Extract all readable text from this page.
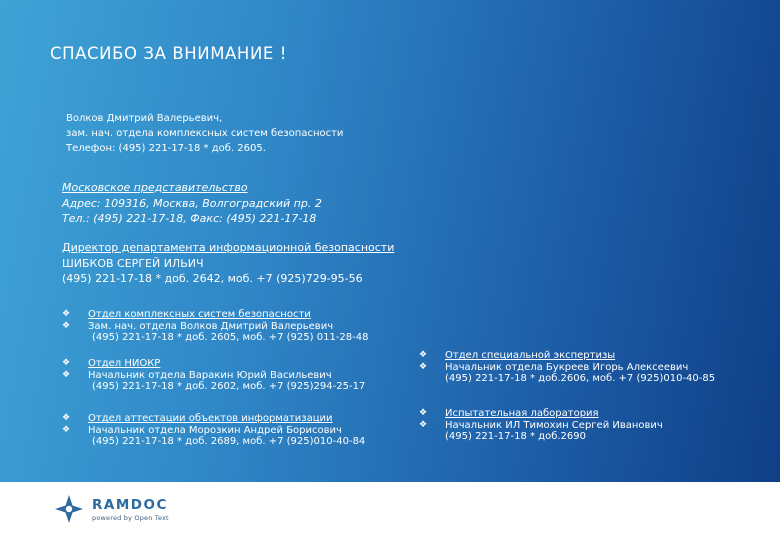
СПАСИБО ЗА ВНИМАНИЕ !
Волков Дмитрий Валерьевич,
зам. нач. отдела комплексных систем безопасности
Телефон: (495) 221-17-18 * доб. 2605.
Московское представительство
Адрес: 109316, Москва, Волгоградский пр. 2
Тел.: (495) 221-17-18, Факс: (495) 221-17-18
Директор департамента информационной безопасности
ШИБКОВ СЕРГЕЙ ИЛЬИЧ
(495) 221-17-18 * доб. 2642, моб. +7 (925)729-95-56
❖	Отдел комплексных систем безопасности
❖	Зам. нач. отдела Волков Дмитрий Валерьевич
(495) 221-17-18 * доб. 2605, моб. +7 (925) 011-28-48
❖	Отдел НИОКР
❖	Начальник отдела Варакин Юрий Васильевич
(495) 221-17-18 * доб. 2602, моб. +7 (925)294-25-17
❖	Отдел аттестации объектов информатизации
❖	Начальник отдела Морозкин Андрей Борисович
(495) 221-17-18 * доб. 2689, моб. +7 (925)010-40-84
❖	Отдел специальной экспертизы
❖	Начальник отдела Букреев Игорь Алексеевич
(495) 221-17-18 * доб.2606, моб. +7 (925)010-40-85
❖	Испытательная лаборатория
❖	Начальник ИЛ Тимохин Сергей Иванович
(495) 221-17-18 * доб.2690
RAMDOC
powered by Open Text
